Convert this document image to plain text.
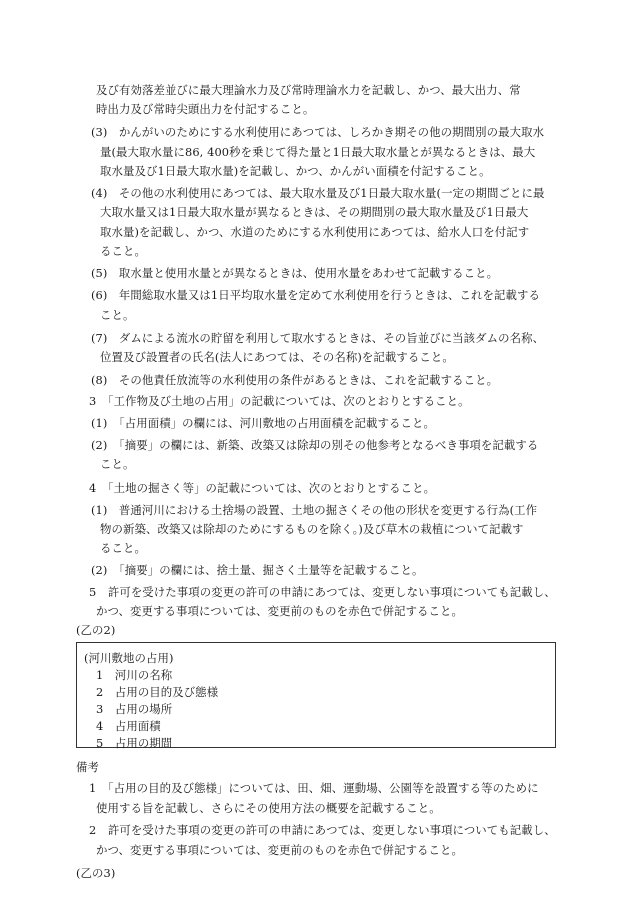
及び有効落差並びに最大理論水力及び常時理論水力を記載し、かつ、最大出力、常
時出力及び常時尖頭出力を付記すること。
(3)　かんがいのためにする水利使用にあつては、しろかき期その他の期間別の最大取水
量(最大取水量に86, 400秒を乗じて得た量と1日最大取水量とが異なるときは、最大
取水量及び1日最大取水量)を記載し、かつ、かんがい面積を付記すること。
(4)　その他の水利使用にあつては、最大取水量及び1日最大取水量(一定の期間ごとに最
大取水量又は1日最大取水量が異なるときは、その期間別の最大取水量及び1日最大
取水量)を記載し、かつ、水道のためにする水利使用にあつては、給水人口を付記す
ること。
(5)　取水量と使用水量とが異なるときは、使用水量をあわせて記載すること。
(6)　年間総取水量又は1日平均取水量を定めて水利使用を行うときは、これを記載する
こと。
(7)　ダムによる流水の貯留を利用して取水するときは、その旨並びに当該ダムの名称、
位置及び設置者の氏名(法人にあつては、その名称)を記載すること。
(8)　その他責任放流等の水利使用の条件があるときは、これを記載すること。
3　「工作物及び土地の占用」の記載については、次のとおりとすること。
(1)　「占用面積」の欄には、河川敷地の占用面積を記載すること。
(2)　「摘要」の欄には、新築、改築又は除却の別その他参考となるべき事項を記載する
こと。
4　「土地の掘さく等」の記載については、次のとおりとすること。
(1)　普通河川における土捨場の設置、土地の掘さくその他の形状を変更する行為(工作
物の新築、改築又は除却のためにするものを除く。)及び草木の栽植について記載す
ること。
(2)　「摘要」の欄には、捨土量、掘さく土量等を記載すること。
5　許可を受けた事項の変更の許可の申請にあつては、変更しない事項についても記載し、
かつ、変更する事項については、変更前のものを赤色で併記すること。
(乙の2)
(河川敷地の占用)
1　河川の名称
2　占用の目的及び態様
3　占用の場所
4　占用面積
5　占用の期間
備考
1　「占用の目的及び態様」については、田、畑、運動場、公園等を設置する等のために
使用する旨を記載し、さらにその使用方法の概要を記載すること。
2　許可を受けた事項の変更の許可の申請にあつては、変更しない事項についても記載し、
かつ、変更する事項については、変更前のものを赤色で併記すること。
(乙の3)
